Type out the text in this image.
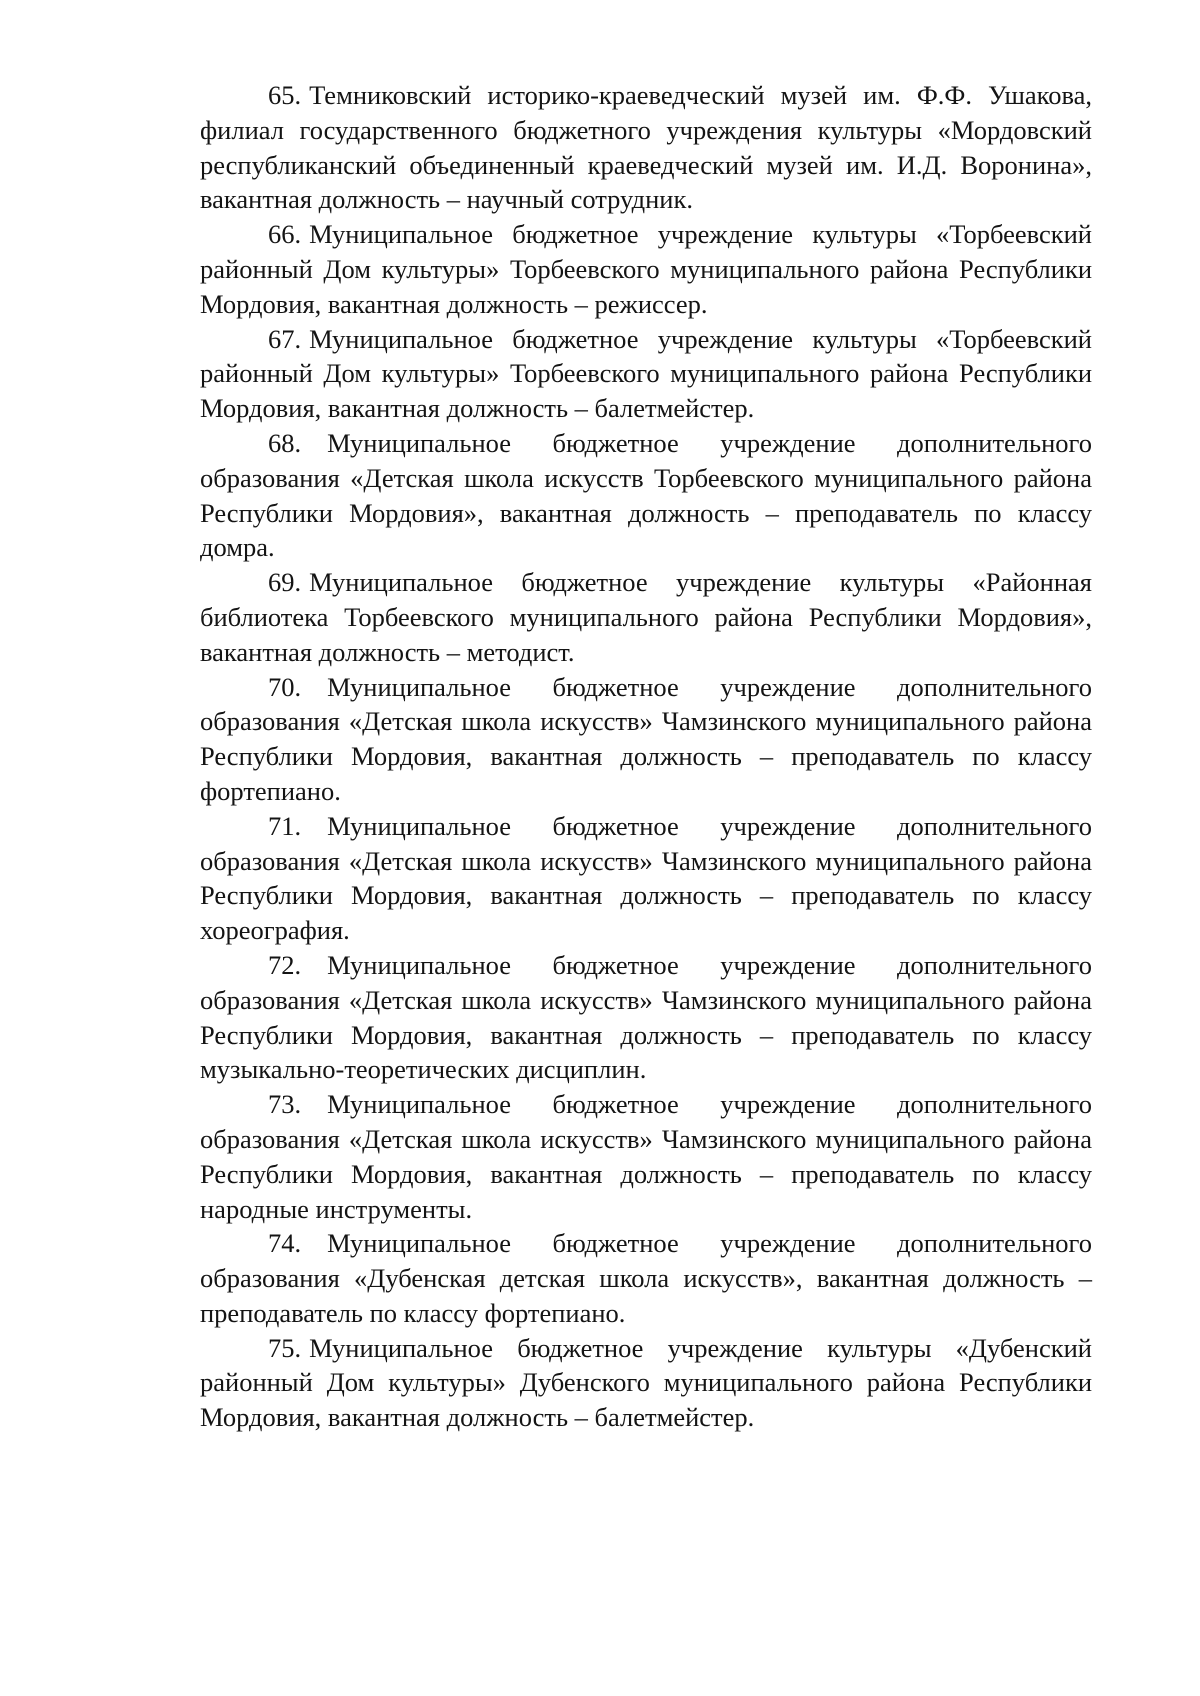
65. Темниковский историко-краеведческий музей им. Ф.Ф. Ушакова, филиал государственного бюджетного учреждения культуры «Мордовский республиканский объединенный краеведческий музей им. И.Д. Воронина», вакантная должность – научный сотрудник.

66. Муниципальное бюджетное учреждение культуры «Торбеевский районный Дом культуры» Торбеевского муниципального района Республики Мордовия, вакантная должность – режиссер.

67. Муниципальное бюджетное учреждение культуры «Торбеевский районный Дом культуры» Торбеевского муниципального района Республики Мордовия, вакантная должность – балетмейстер.

68. Муниципальное бюджетное учреждение дополнительного образования «Детская школа искусств Торбеевского муниципального района Республики Мордовия», вакантная должность – преподаватель по классу домра.

69. Муниципальное бюджетное учреждение культуры «Районная библиотека Торбеевского муниципального района Республики Мордовия», вакантная должность – методист.

70. Муниципальное бюджетное учреждение дополнительного образования «Детская школа искусств» Чамзинского муниципального района Республики Мордовия, вакантная должность – преподаватель по классу фортепиано.

71. Муниципальное бюджетное учреждение дополнительного образования «Детская школа искусств» Чамзинского муниципального района Республики Мордовия, вакантная должность – преподаватель по классу хореография.

72. Муниципальное бюджетное учреждение дополнительного образования «Детская школа искусств» Чамзинского муниципального района Республики Мордовия, вакантная должность – преподаватель по классу музыкально-теоретических дисциплин.

73. Муниципальное бюджетное учреждение дополнительного образования «Детская школа искусств» Чамзинского муниципального района Республики Мордовия, вакантная должность – преподаватель по классу народные инструменты.

74. Муниципальное бюджетное учреждение дополнительного образования «Дубенская детская школа искусств», вакантная должность – преподаватель по классу фортепиано.

75. Муниципальное бюджетное учреждение культуры «Дубенский районный Дом культуры» Дубенского муниципального района Республики Мордовия, вакантная должность – балетмейстер.
